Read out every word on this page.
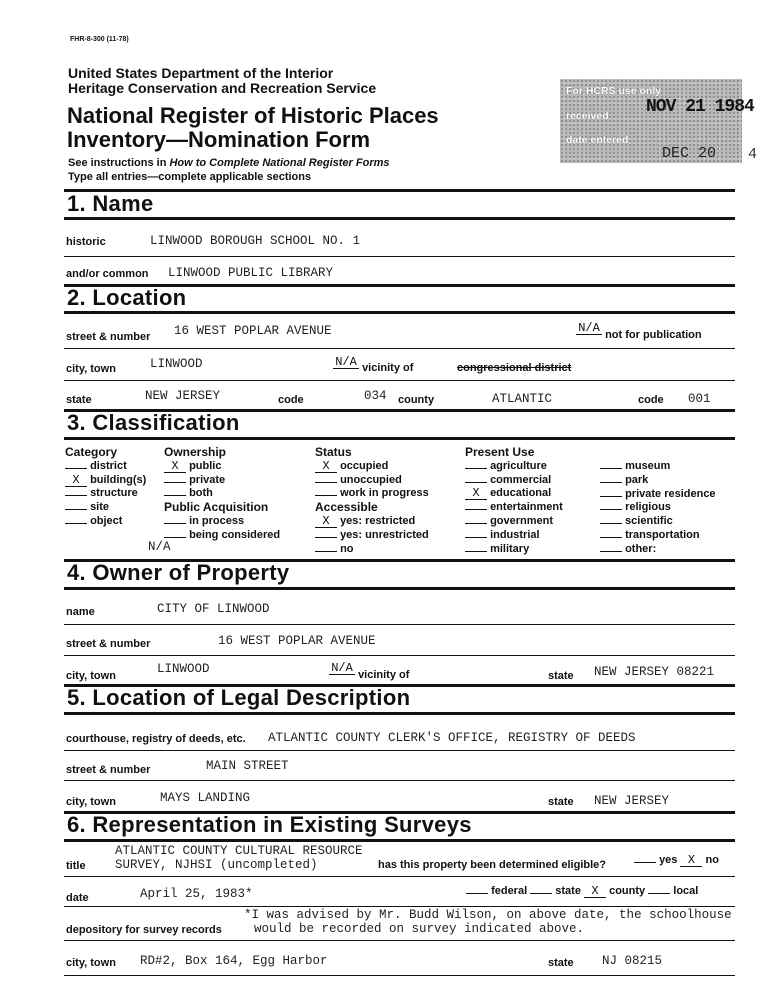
FHR-8-300 (11-78)
United States Department of the Interior
Heritage Conservation and Recreation Service
National Register of Historic Places
Inventory—Nomination Form
See instructions in How to Complete National Register Forms
Type all entries—complete applicable sections
For HCRS use only
received NOV 21 1984
date entered
DEC 20 4
1. Name
historic	LINWOOD BOROUGH SCHOOL NO. 1
and/or common LINWOOD PUBLIC LIBRARY
2. Location
street & number 16 WEST POPLAR AVENUE	N/A not for publication
city, town	LINWOOD	N/A vicinity of	congressional district
state	NEW JERSEY	code	034 county	ATLANTIC	code 001
3. Classification
Category
district
X building(s)
structure
site
object
Ownership
X public
private
both
Public Acquisition
in process
being considered
N/A
Status
X occupied
unoccupied
work in progress
Accessible
X yes: restricted
yes: unrestricted
no
Present Use
agriculture
commercial
X educational
entertainment
government
industrial
military
museum
park
private residence
religious
scientific
transportation
other:
4. Owner of Property
name	CITY OF LINWOOD
street & number	16 WEST POPLAR AVENUE
city, town	LINWOOD	N/A vicinity of	state NEW JERSEY 08221
5. Location of Legal Description
courthouse, registry of deeds, etc. ATLANTIC COUNTY CLERK'S OFFICE, REGISTRY OF DEEDS
street & number	MAIN STREET
city, town	MAYS LANDING	state NEW JERSEY
6. Representation in Existing Surveys
ATLANTIC COUNTY CULTURAL RESOURCE
title SURVEY, NJHSI (uncompleted)	has this property been determined eligible?	yes X no
date	April 25, 1983*	federal	state X county	local
*I was advised by Mr. Budd Wilson, on above date, the schoolhouse
depository for survey records	would be recorded on survey indicated above.
city, town RD#2, Box 164, Egg Harbor	state NJ 08215
